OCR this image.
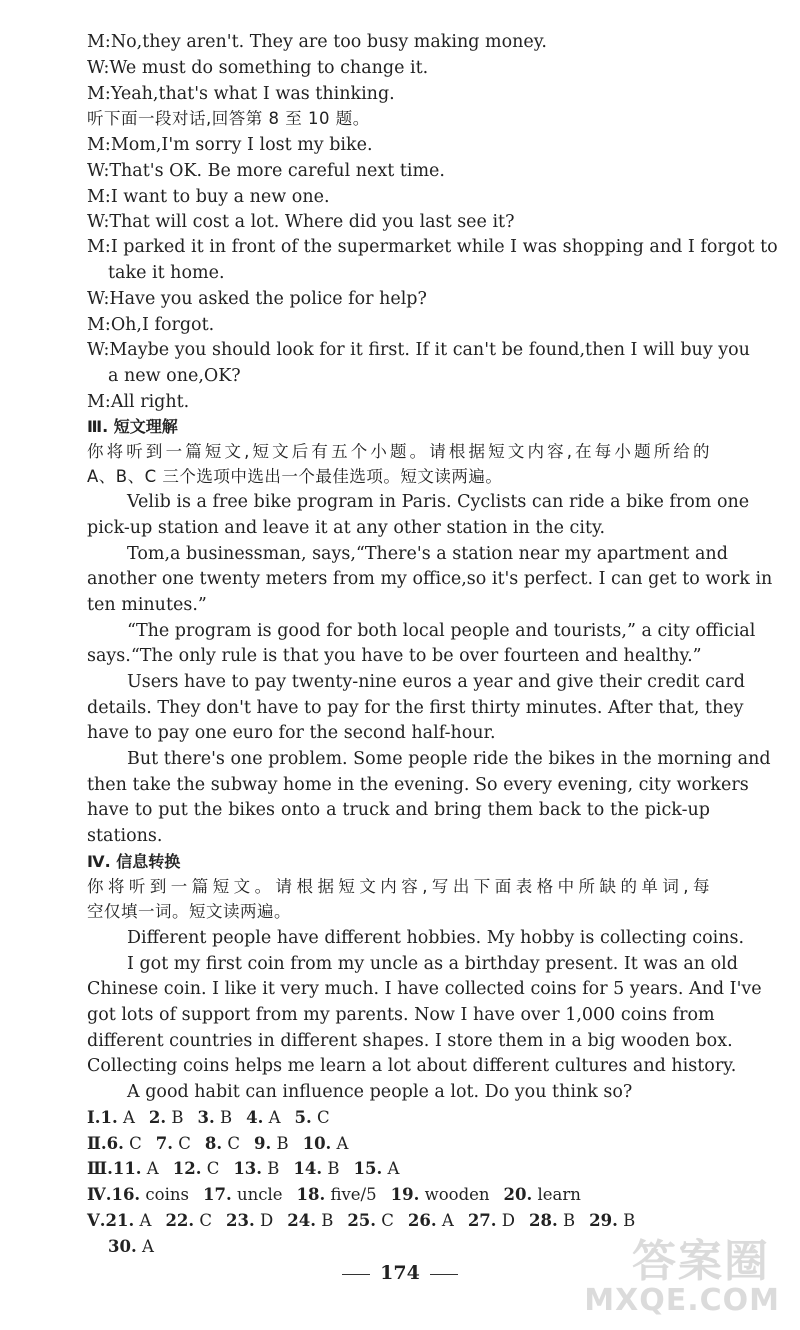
M:No,they aren't. They are too busy making money.
W:We must do something to change it.
M:Yeah,that's what I was thinking.
听下面一段对话,回答第 8 至 10 题。
M:Mom,I'm sorry I lost my bike.
W:That's OK. Be more careful next time.
M:I want to buy a new one.
W:That will cost a lot. Where did you last see it?
M:I parked it in front of the supermarket while I was shopping and I forgot to
take it home.
W:Have you asked the police for help?
M:Oh,I forgot.
W:Maybe you should look for it first. If it can't be found,then I will buy you
a new one,OK?
M:All right.
Ⅲ. 短文理解
你将听到一篇短文,短文后有五个小题。请根据短文内容,在每小题所给的
A、B、C 三个选项中选出一个最佳选项。短文读两遍。
Velib is a free bike program in Paris. Cyclists can ride a bike from one
pick-up station and leave it at any other station in the city.
Tom,a businessman, says,“There's a station near my apartment and
another one twenty meters from my office,so it's perfect. I can get to work in
ten minutes.”
“The program is good for both local people and tourists,” a city official
says.“The only rule is that you have to be over fourteen and healthy.”
Users have to pay twenty-nine euros a year and give their credit card
details. They don't have to pay for the first thirty minutes. After that, they
have to pay one euro for the second half-hour.
But there's one problem. Some people ride the bikes in the morning and
then take the subway home in the evening. So every evening, city workers
have to put the bikes onto a truck and bring them back to the pick-up
stations.
Ⅳ. 信息转换
你将听到一篇短文。请根据短文内容,写出下面表格中所缺的单词,每
空仅填一词。短文读两遍。
Different people have different hobbies. My hobby is collecting coins.
I got my first coin from my uncle as a birthday present. It was an old
Chinese coin. I like it very much. I have collected coins for 5 years. And I've
got lots of support from my parents. Now I have over 1,000 coins from
different countries in different shapes. I store them in a big wooden box.
Collecting coins helps me learn a lot about different cultures and history.
A good habit can influence people a lot. Do you think so?
Ⅰ.1. A 2. B 3. B 4. A 5. C
Ⅱ.6. C 7. C 8. C 9. B 10. A
Ⅲ.11. A 12. C 13. B 14. B 15. A
Ⅳ.16. coins 17. uncle 18. five/5 19. wooden 20. learn
Ⅴ.21. A 22. C 23. D 24. B 25. C 26. A 27. D 28. B 29. B
30. A
174	答案圈
MXQE.COM
